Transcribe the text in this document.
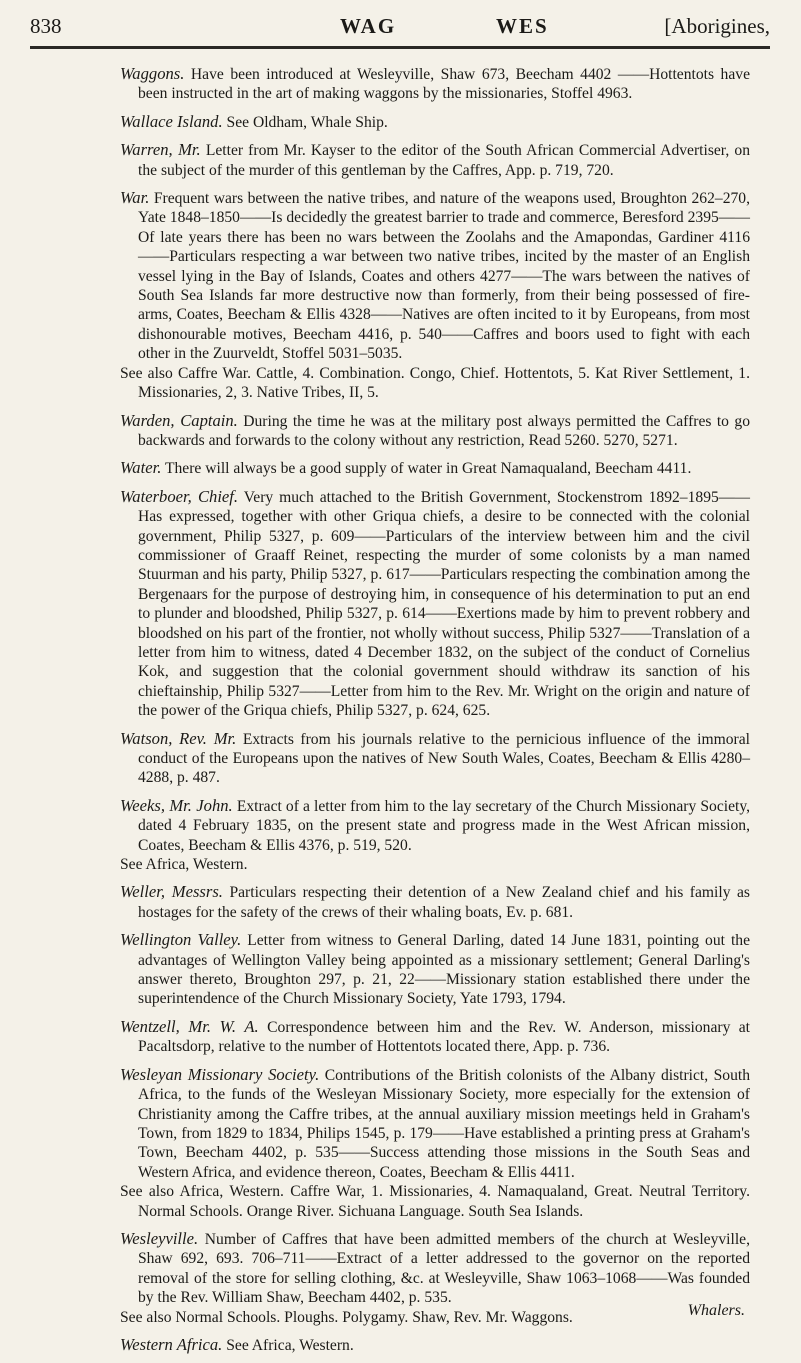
838	WAG	WES	[Aborigines,
Waggons. Have been introduced at Wesleyville, Shaw 673, Beecham 4402 ——Hottentots have been instructed in the art of making waggons by the missionaries, Stoffel 4963.
Wallace Island. See Oldham, Whale Ship.
Warren, Mr. Letter from Mr. Kayser to the editor of the South African Commercial Advertiser, on the subject of the murder of this gentleman by the Caffres, App. p. 719, 720.
War. Frequent wars between the native tribes, and nature of the weapons used, Broughton 262–270, Yate 1848–1850——Is decidedly the greatest barrier to trade and commerce, Beresford 2395——Of late years there has been no wars between the Zoolahs and the Amapondas, Gardiner 4116——Particulars respecting a war between two native tribes, incited by the master of an English vessel lying in the Bay of Islands, Coates and others 4277——The wars between the natives of South Sea Islands far more destructive now than formerly, from their being possessed of fire-arms, Coates, Beecham & Ellis 4328——Natives are often incited to it by Europeans, from most dishonourable motives, Beecham 4416, p. 540——Caffres and boors used to fight with each other in the Zuurveldt, Stoffel 5031–5035.
See also Caffre War. Cattle, 4. Combination. Congo, Chief. Hottentots, 5. Kat River Settlement, 1. Missionaries, 2, 3. Native Tribes, II, 5.
Warden, Captain. During the time he was at the military post always permitted the Caffres to go backwards and forwards to the colony without any restriction, Read 5260. 5270, 5271.
Water. There will always be a good supply of water in Great Namaqualand, Beecham 4411.
Waterboer, Chief. Very much attached to the British Government, Stockenstrom 1892–1895—— Has expressed, together with other Griqua chiefs, a desire to be connected with the colonial government, Philip 5327, p. 609——Particulars of the interview between him and the civil commissioner of Graaff Reinet, respecting the murder of some colonists by a man named Stuurman and his party, Philip 5327, p. 617——Particulars respecting the combination among the Bergenaars for the purpose of destroying him, in consequence of his determination to put an end to plunder and bloodshed, Philip 5327, p. 614——Exertions made by him to prevent robbery and bloodshed on his part of the frontier, not wholly without success, Philip 5327——Translation of a letter from him to witness, dated 4 December 1832, on the subject of the conduct of Cornelius Kok, and suggestion that the colonial government should withdraw its sanction of his chieftainship, Philip 5327——Letter from him to the Rev. Mr. Wright on the origin and nature of the power of the Griqua chiefs, Philip 5327, p. 624, 625.
Watson, Rev. Mr. Extracts from his journals relative to the pernicious influence of the immoral conduct of the Europeans upon the natives of New South Wales, Coates, Beecham & Ellis 4280–4288, p. 487.
Weeks, Mr. John. Extract of a letter from him to the lay secretary of the Church Missionary Society, dated 4 February 1835, on the present state and progress made in the West African mission, Coates, Beecham & Ellis 4376, p. 519, 520.
See Africa, Western.
Weller, Messrs. Particulars respecting their detention of a New Zealand chief and his family as hostages for the safety of the crews of their whaling boats, Ev. p. 681.
Wellington Valley. Letter from witness to General Darling, dated 14 June 1831, pointing out the advantages of Wellington Valley being appointed as a missionary settlement; General Darling's answer thereto, Broughton 297, p. 21, 22——Missionary station established there under the superintendence of the Church Missionary Society, Yate 1793, 1794.
Wentzell, Mr. W. A. Correspondence between him and the Rev. W. Anderson, missionary at Pacaltsdorp, relative to the number of Hottentots located there, App. p. 736.
Wesleyan Missionary Society. Contributions of the British colonists of the Albany district, South Africa, to the funds of the Wesleyan Missionary Society, more especially for the extension of Christianity among the Caffre tribes, at the annual auxiliary mission meetings held in Graham's Town, from 1829 to 1834, Philips 1545, p. 179——Have established a printing press at Graham's Town, Beecham 4402, p. 535——Success attending those missions in the South Seas and Western Africa, and evidence thereon, Coates, Beecham & Ellis 4411.
See also Africa, Western. Caffre War, 1. Missionaries, 4. Namaqualand, Great. Neutral Territory. Normal Schools. Orange River. Sichuana Language. South Sea Islands.
Wesleyville. Number of Caffres that have been admitted members of the church at Wesleyville, Shaw 692, 693. 706–711——Extract of a letter addressed to the governor on the reported removal of the store for selling clothing, &c. at Wesleyville, Shaw 1063–1068——Was founded by the Rev. William Shaw, Beecham 4402, p. 535.
See also Normal Schools. Ploughs. Polygamy. Shaw, Rev. Mr. Waggons.
Western Africa. See Africa, Western.
Whalers.
